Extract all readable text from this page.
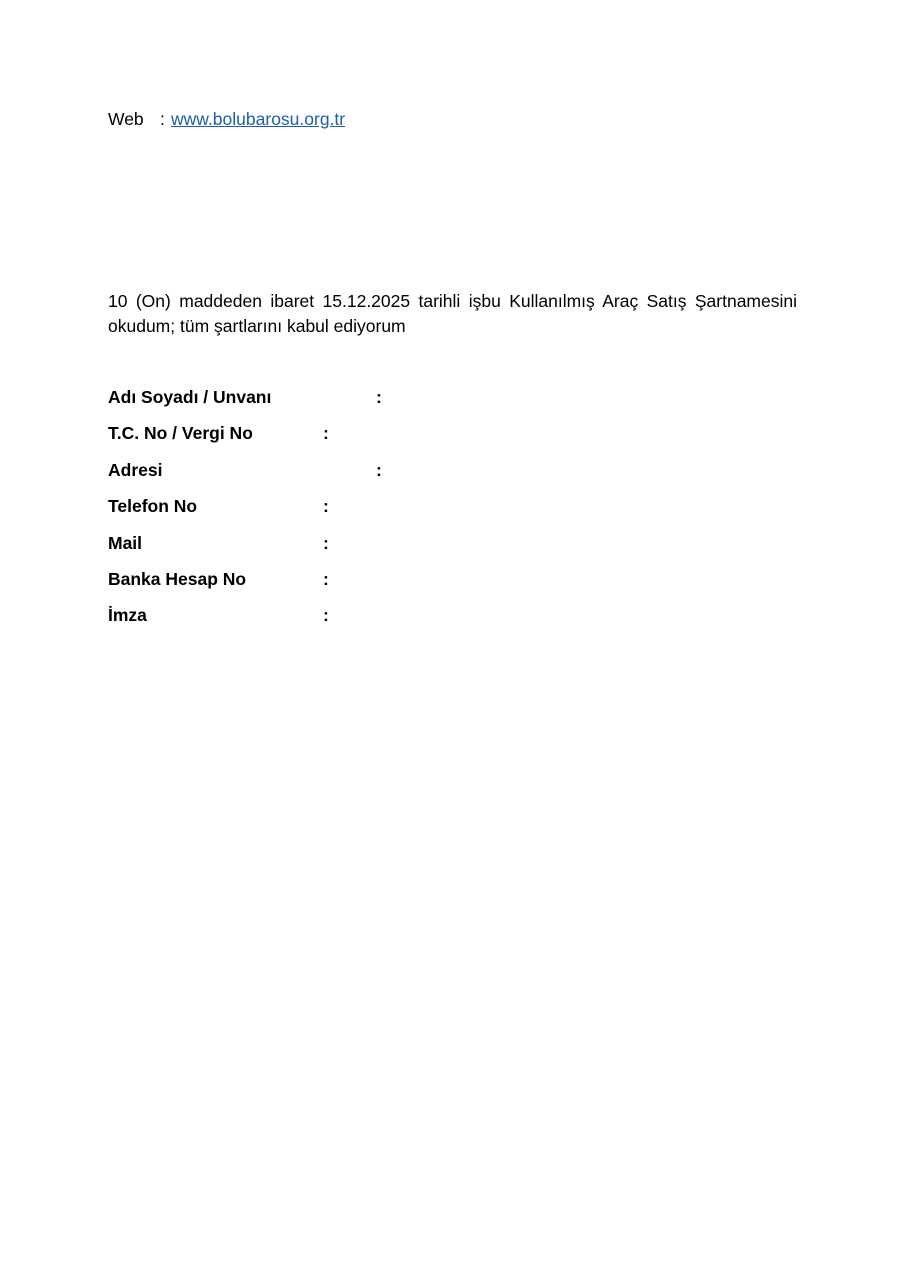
Web : www.bolubarosu.org.tr

10 (On) maddeden ibaret 15.12.2025 tarihli işbu Kullanılmış Araç Satış Şartnamesini okudum; tüm şartlarını kabul ediyorum

Adı Soyadı / Unvanı	:
T.C. No / Vergi No	:
Adresi	:
Telefon No	:
Mail	:
Banka Hesap No	:
İmza	:
